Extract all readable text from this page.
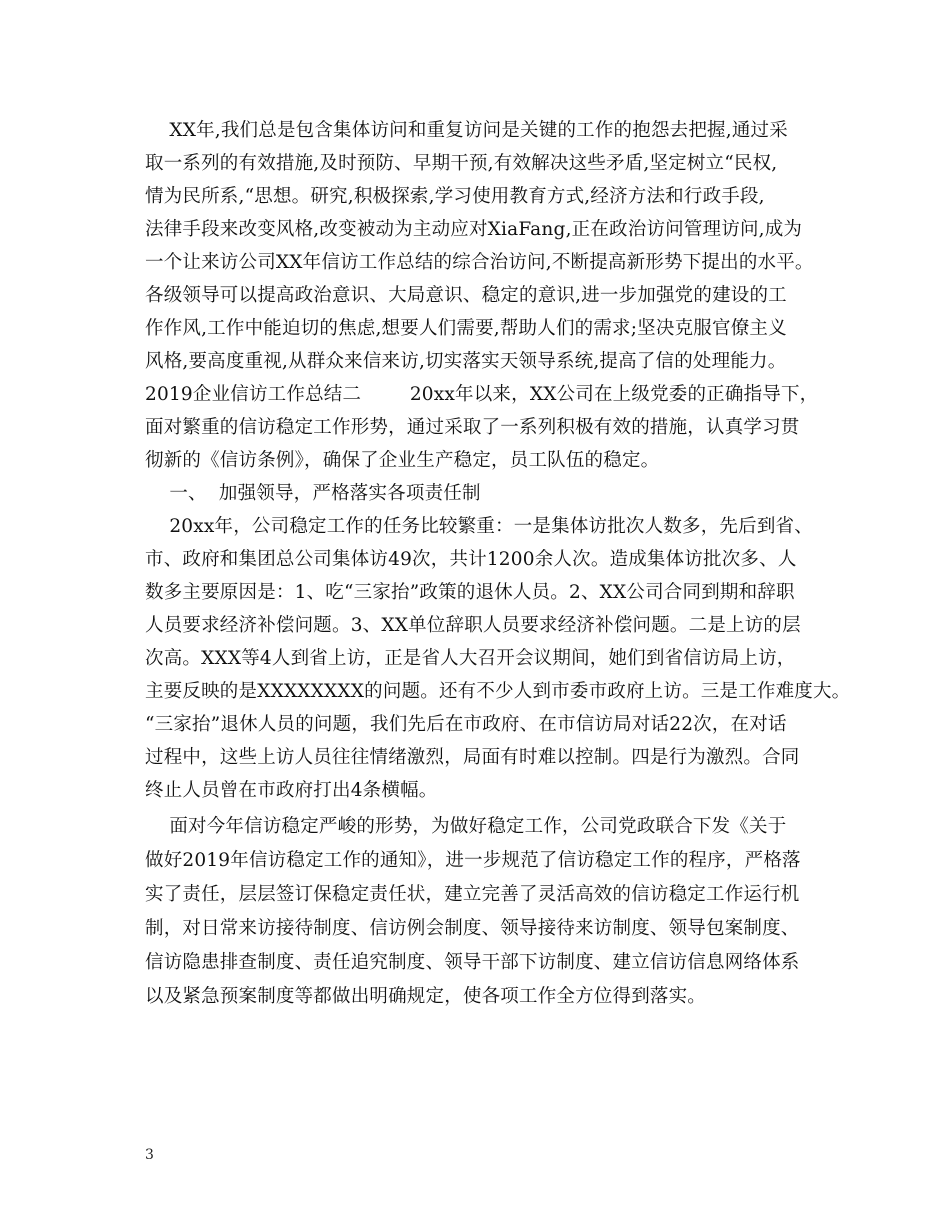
XX年,我们总是包含集体访问和重复访问是关键的工作的抱怨去把握,通过采
取一系列的有效措施,及时预防、早期干预,有效解决这些矛盾,坚定树立“民权,
情为民所系,“思想。研究,积极探索,学习使用教育方式,经济方法和行政手段,
法律手段来改变风格,改变被动为主动应对XiaFang,正在政治访问管理访问,成为
一个让来访公司XX年信访工作总结的综合治访问,不断提高新形势下提出的水平。
各级领导可以提高政治意识、大局意识、稳定的意识,进一步加强党的建设的工
作作风,工作中能迫切的焦虑,想要人们需要,帮助人们的需求;坚决克服官僚主义
风格,要高度重视,从群众来信来访,切实落实天领导系统,提高了信的处理能力。
2019企业信访工作总结二        20xx年以来，XX公司在上级党委的正确指导下，
面对繁重的信访稳定工作形势，通过采取了一系列积极有效的措施，认真学习贯
彻新的《信访条例》，确保了企业生产稳定，员工队伍的稳定。
一、  加强领导，严格落实各项责任制
20xx年，公司稳定工作的任务比较繁重：一是集体访批次人数多，先后到省、
市、政府和集团总公司集体访49次，共计1200余人次。造成集体访批次多、人
数多主要原因是：1、吃“三家抬”政策的退休人员。2、XX公司合同到期和辞职
人员要求经济补偿问题。3、XX单位辞职人员要求经济补偿问题。二是上访的层
次高。XXX等4人到省上访，正是省人大召开会议期间，她们到省信访局上访，
主要反映的是XXXXXXXX的问题。还有不少人到市委市政府上访。三是工作难度大。
“三家抬”退休人员的问题，我们先后在市政府、在市信访局对话22次，在对话
过程中，这些上访人员往往情绪激烈，局面有时难以控制。四是行为激烈。合同
终止人员曾在市政府打出4条横幅。
面对今年信访稳定严峻的形势，为做好稳定工作，公司党政联合下发《关于
做好2019年信访稳定工作的通知》，进一步规范了信访稳定工作的程序，严格落
实了责任，层层签订保稳定责任状，建立完善了灵活高效的信访稳定工作运行机
制，对日常来访接待制度、信访例会制度、领导接待来访制度、领导包案制度、
信访隐患排查制度、责任追究制度、领导干部下访制度、建立信访信息网络体系
以及紧急预案制度等都做出明确规定，使各项工作全方位得到落实。
3
